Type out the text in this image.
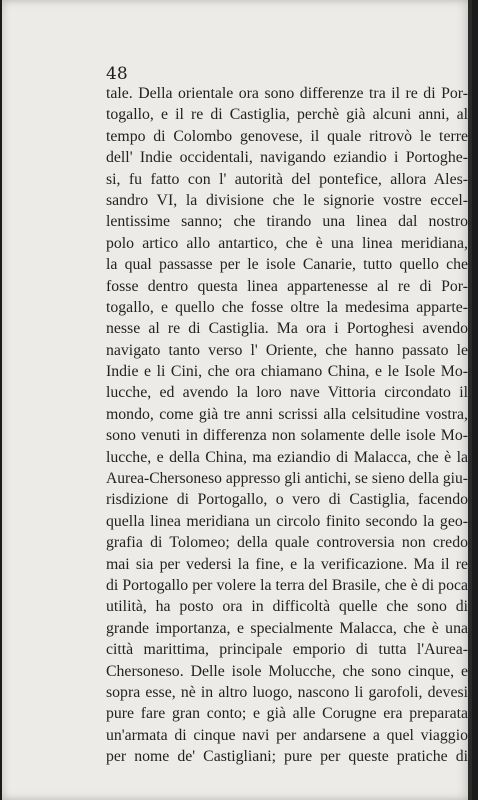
48

tale. Della orientale ora sono differenze tra il re di Por-
togallo, e il re di Castiglia, perchè già alcuni anni, al
tempo di Colombo genovese, il quale ritrovò le terre
dell' Indie occidentali, navigando eziandio i Portoghe-
si, fu fatto con l' autorità del pontefice, allora Ales-
sandro VI, la divisione che le signorie vostre eccel-
lentissime sanno; che tirando una linea dal nostro
polo artico allo antartico, che è una linea meridiana,
la qual passasse per le isole Canarie, tutto quello che
fosse dentro questa linea appartenesse al re di Por-
togallo, e quello che fosse oltre la medesima apparte-
nesse al re di Castiglia. Ma ora i Portoghesi avendo
navigato tanto verso l' Oriente, che hanno passato le
Indie e li Cini, che ora chiamano China, e le Isole Mo-
lucche, ed avendo la loro nave Vittoria circondato il
mondo, come già tre anni scrissi alla celsitudine vostra,
sono venuti in differenza non solamente delle isole Mo-
lucche, e della China, ma eziandio di Malacca, che è la
Aurea-Chersoneso appresso gli antichi, se sieno della giu-
risdizione di Portogallo, o vero di Castiglia, facendo
quella linea meridiana un circolo finito secondo la geo-
grafia di Tolomeo; della quale controversia non credo
mai sia per vedersi la fine, e la verificazione. Ma il re
di Portogallo per volere la terra del Brasile, che è di poca
utilità, ha posto ora in difficoltà quelle che sono di
grande importanza, e specialmente Malacca, che è una
città marittima, principale emporio di tutta l'Aurea-
Chersoneso. Delle isole Molucche, che sono cinque, e
sopra esse, nè in altro luogo, nascono li garofoli, devesi
pure fare gran conto; e già alle Corugne era preparata
un'armata di cinque navi per andarsene a quel viaggio
per nome de' Castigliani; pure per queste pratiche di
